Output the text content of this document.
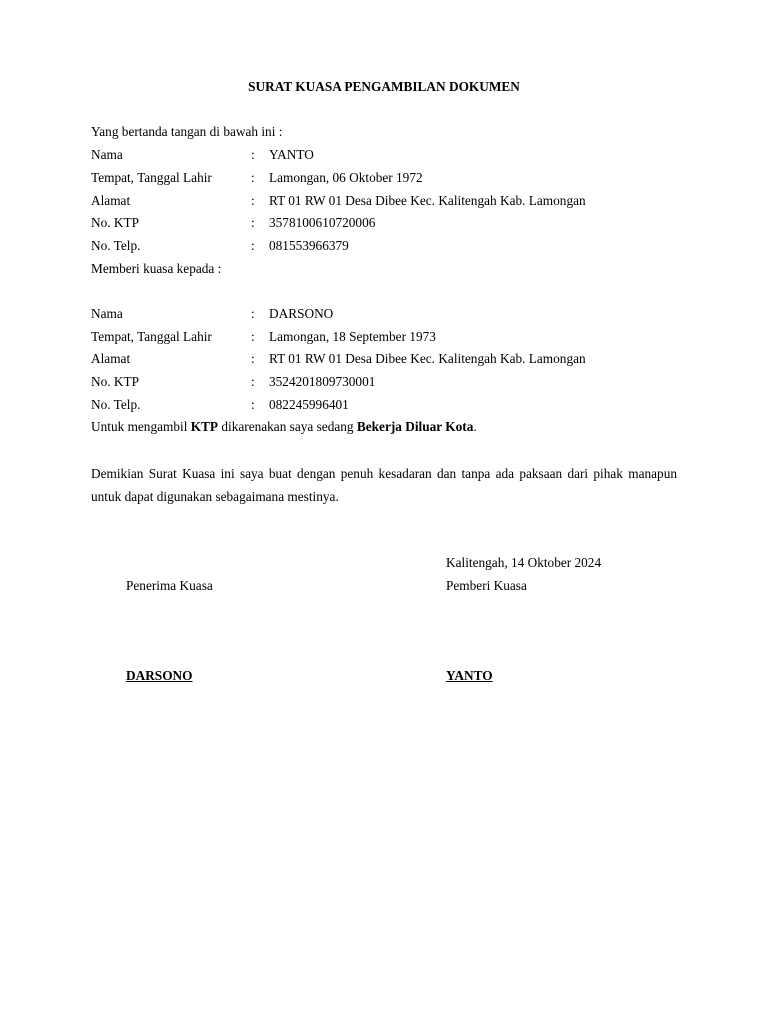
SURAT KUASA PENGAMBILAN DOKUMEN
Yang bertanda tangan di bawah ini :
Nama	: YANTO
Tempat, Tanggal Lahir	: Lamongan, 06 Oktober 1972
Alamat	: RT 01 RW 01 Desa Dibee Kec. Kalitengah Kab. Lamongan
No. KTP	: 3578100610720006
No. Telp.	: 081553966379
Memberi kuasa kepada :
Nama	: DARSONO
Tempat, Tanggal Lahir	: Lamongan, 18 September 1973
Alamat	: RT 01 RW 01 Desa Dibee Kec. Kalitengah Kab. Lamongan
No. KTP	: 3524201809730001
No. Telp.	: 082245996401
Untuk mengambil KTP dikarenakan saya sedang Bekerja Diluar Kota.
Demikian Surat Kuasa ini saya buat dengan penuh kesadaran dan tanpa ada paksaan dari pihak manapun untuk dapat digunakan sebagaimana mestinya.
Kalitengah, 14 Oktober 2024
Penerima Kuasa	Pemberi Kuasa
DARSONO	YANTO
